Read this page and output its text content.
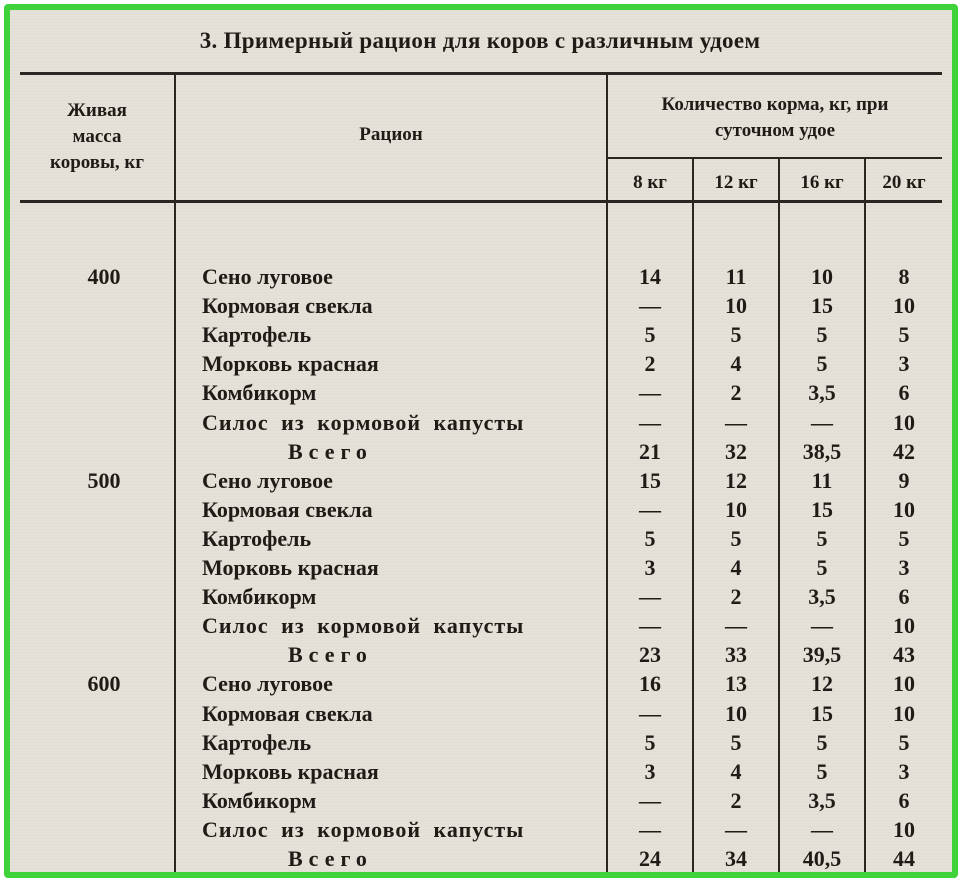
3. Примерный рацион для коров с различным удоем
Живая
масса
коровы, кг
Рацион
Количество корма, кг, при
суточном удое
8 кг	12 кг	16 кг	20 кг
400	Сено луговое	14	11	10	8
Кормовая свекла	—	10	15	10
Картофель	5	5	5	5
Морковь красная	2	4	5	3
Комбикорм	—	2	3,5	6
Силос из кормовой капусты	—	—	—	10
Всего	21	32	38,5	42
500	Сено луговое	15	12	11	9
Кормовая свекла	—	10	15	10
Картофель	5	5	5	5
Морковь красная	3	4	5	3
Комбикорм	—	2	3,5	6
Силос из кормовой капусты	—	—	—	10
Всего	23	33	39,5	43
600	Сено луговое	16	13	12	10
Кормовая свекла	—	10	15	10
Картофель	5	5	5	5
Морковь красная	3	4	5	3
Комбикорм	—	2	3,5	6
Силос из кормовой капусты	—	—	—	10
Всего	24	34	40,5	44
